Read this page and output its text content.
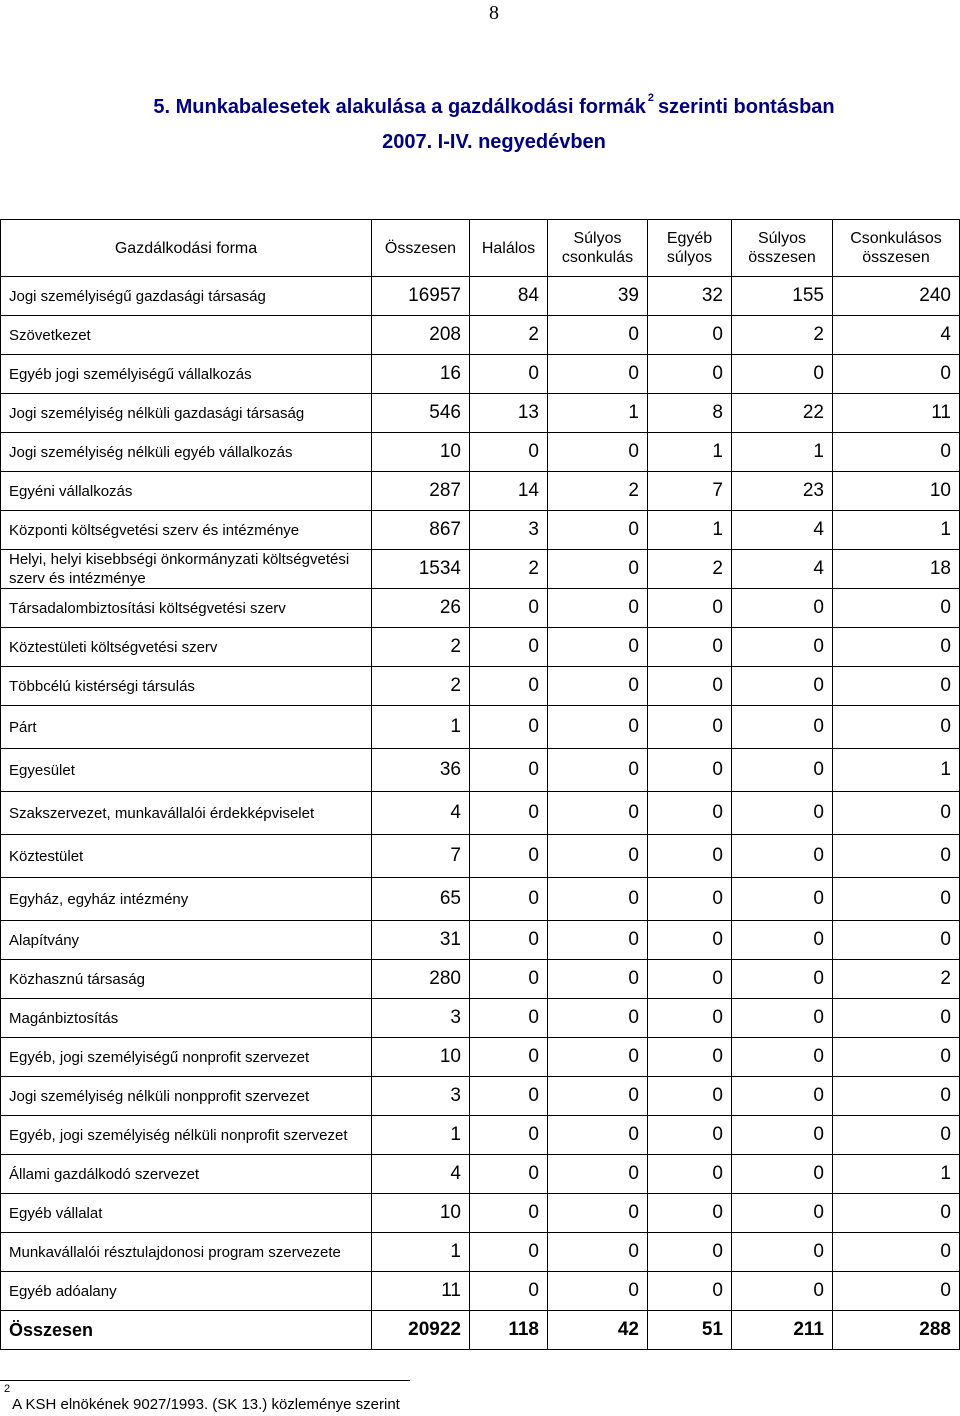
8
5. Munkabalesetek alakulása a gazdálkodási formák $^2$ szerinti bontásban
2007. I-IV. negyedévben
Gazdálkodási forma	Összesen	Halálos	Súlyos csonkulás	Egyéb súlyos	Súlyos összesen	Csonkulásos összesen
Jogi személyiségű gazdasági társaság	16957	84	39	32	155	240
Szövetkezet	208	2	0	0	2	4
Egyéb jogi személyiségű vállalkozás	16	0	0	0	0	0
Jogi személyiség nélküli gazdasági társaság	546	13	1	8	22	11
Jogi személyiség nélküli egyéb vállalkozás	10	0	0	1	1	0
Egyéni vállalkozás	287	14	2	7	23	10
Központi költségvetési szerv és intézménye	867	3	0	1	4	1
Helyi, helyi kisebbségi önkormányzati költségvetési szerv és intézménye	1534	2	0	2	4	18
Társadalombiztosítási költségvetési szerv	26	0	0	0	0	0
Köztestületi költségvetési szerv	2	0	0	0	0	0
Többcélú kistérségi társulás	2	0	0	0	0	0
Párt	1	0	0	0	0	0
Egyesület	36	0	0	0	0	1
Szakszervezet, munkavállalói érdekképviselet	4	0	0	0	0	0
Köztestület	7	0	0	0	0	0
Egyház, egyház intézmény	65	0	0	0	0	0
Alapítvány	31	0	0	0	0	0
Közhasznú társaság	280	0	0	0	0	2
Magánbiztosítás	3	0	0	0	0	0
Egyéb, jogi személyiségű nonprofit szervezet	10	0	0	0	0	0
Jogi személyiség nélküli nonpprofit szervezet	3	0	0	0	0	0
Egyéb, jogi személyiség nélküli nonprofit szervezet	1	0	0	0	0	0
Állami gazdálkodó szervezet	4	0	0	0	0	1
Egyéb vállalat	10	0	0	0	0	0
Munkavállalói résztulajdonosi program szervezete	1	0	0	0	0	0
Egyéb adóalany	11	0	0	0	0	0
Összesen	20922	118	42	51	211	288
$^2$A KSH elnökének 9027/1993. (SK 13.) közleménye szerint
